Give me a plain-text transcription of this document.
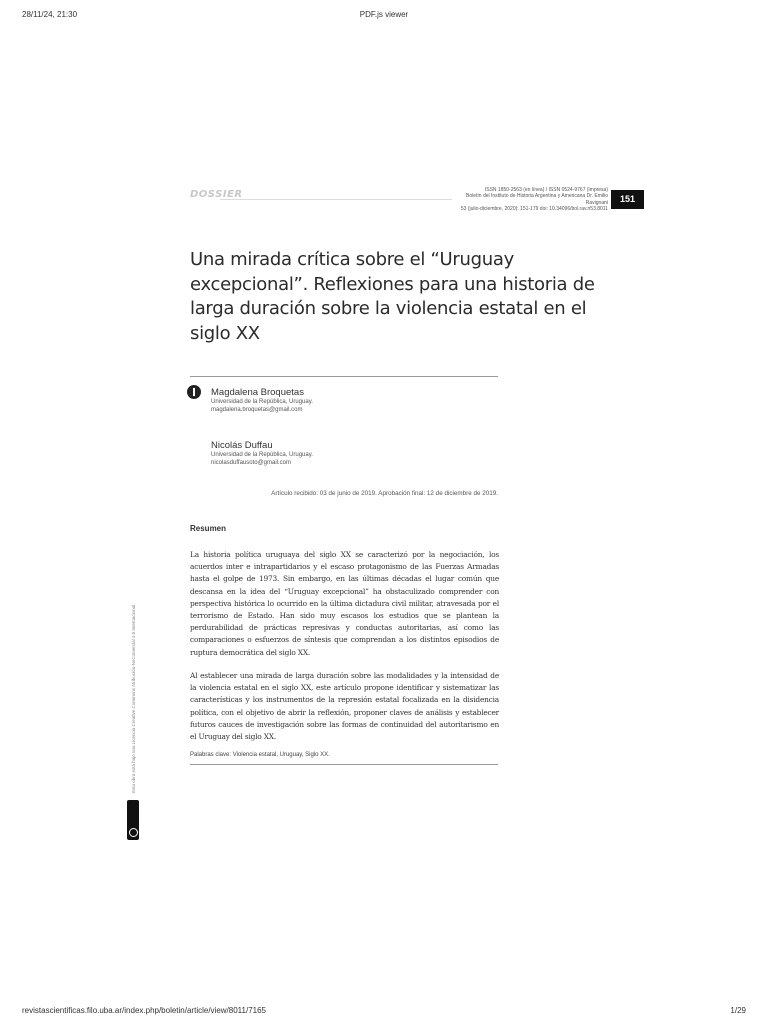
28/11/24, 21:30	PDF.js viewer
DOSSIER	ISSN 1850-2563 (en línea) / ISSN 0524-9767 (impresa)
Boletín del Instituto de Historia Argentina y Americana Dr. Emilio Ravignani
53 (julio-diciembre, 2020): 151-179 doi: 10.34096/bol.rav.n53.8011
151
Una mirada crítica sobre el “Uruguay excepcional”. Reflexiones para una historia de larga duración sobre la violencia estatal en el siglo XX

Magdalena Broquetas

Universidad de la República, Uruguay.

magdalena.broquetas@gmail.com

Nicolás Duffau

Universidad de la República, Uruguay.

nicolasduffausoto@gmail.com

Artículo recibido: 03 de junio de 2019. Aprobación final: 12 de diciembre de 2019.
Resumen

La historia política uruguaya del siglo XX se caracterizó por la negociación, los acuerdos inter e intrapartidarios y el escaso protagonismo de las Fuerzas Armadas hasta el golpe de 1973. Sin embargo, en las últimas décadas el lugar común que descansa en la idea del “Uruguay excepcional” ha obstaculizado comprender con perspectiva histórica lo ocurrido en la última dictadura civil militar, atravesada por el terrorismo de Estado. Han sido muy escasos los estudios que se plantean la perdurabilidad de prácticas represivas y conductas autoritarias, así como las comparaciones o esfuerzos de síntesis que comprendan a los distintos episodios de ruptura democrática del siglo XX.

Al establecer una mirada de larga duración sobre las modalidades y la intensidad de la violencia estatal en el siglo XX, este artículo propone identificar y sistematizar las características y los instrumentos de la represión estatal focalizada en la disidencia política, con el objetivo de abrir la reflexión, proponer claves de análisis y establecer futuros cauces de investigación sobre las formas de continuidad del autoritarismo en el Uruguay del siglo XX.

Palabras clave: Violencia estatal, Uruguay, Siglo XX.
Esta obra está bajo una Licencia Creative Commons Atribución-NoComercial 4.0 Internacional
revistascientificas.filo.uba.ar/index.php/boletin/article/view/8011/7165	1/29
